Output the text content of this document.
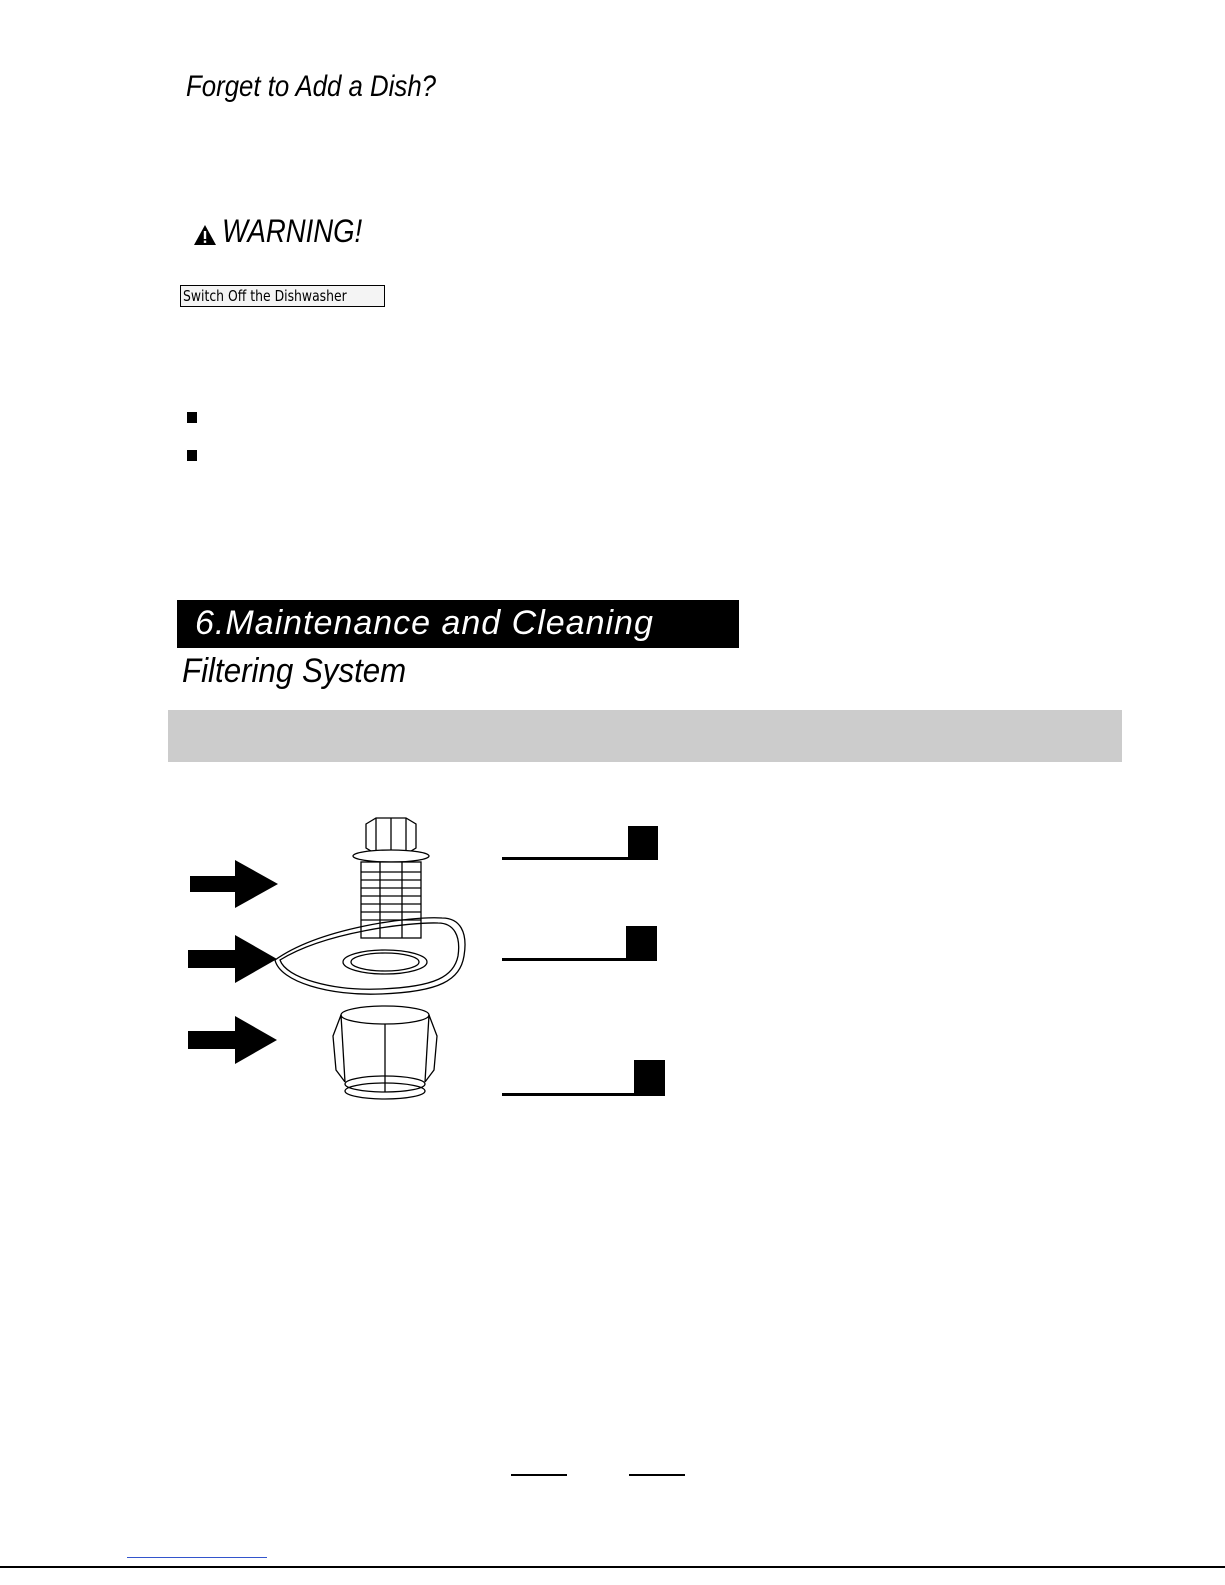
Forget to Add a Dish?
WARNING!
Switch Off the Dishwasher
6.Maintenance and Cleaning
Filtering System
